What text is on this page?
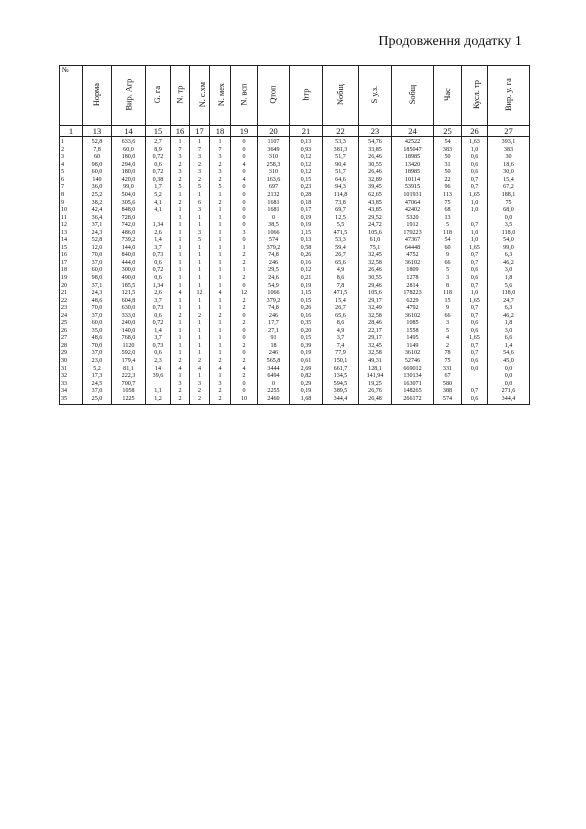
Продовження додатку 1
№	Норма	Вир. Агр	G. га	N. тр	N. с.хм	N. мех	N. всп	Qтоп	hтр	Nобщ	S у.з.	Sобщ	Час	Кусл. тр	Вир. у. га
1	13	14	15	16	17	18	19	20	21	22	23	24	25	26	27
1	52,8	633,6	2,7	1	1	1	0	1107	0,13	53,3	54,76	42522	54	1,63	393,1
2	7,8	60,0	8,9	7	7	7	0	3649	0,93	381,3	33,85	185047	383	1,0	383
3	60	180,0	0,72	3	3	3	0	310	0,12	51,7	26,46	18985	50	0,6	30
4	98,0	294,0	0,6	2	2	2	4	258,3	0,12	90,4	30,55	13420	31	0,6	18,6
5	60,0	180,0	0,72	3	3	3	0	310	0,12	51,7	26,46	18985	50	0,6	30,0
6	140	420,0	0,38	2	2	2	4	163,6	0,15	64,6	32,89	10114	22	0,7	15,4
7	36,0	99,0	1,7	5	5	5	0	697	0,23	94,3	39,45	53915	96	0,7	67,2
8	25,2	504,0	5,2	1	1	1	0	2132	0,28	114,8	62,65	101931	113	1,65	188,1
9	38,2	305,6	4,1	2	6	2	0	1681	0,18	73,8	43,85	47064	75	1,0	75
10	42,4	848,0	4,1	1	3	1	0	1681	0,17	69,7	43,85	42402	68	1,0	68,0
11	36,4	728,0		1	1	1	0	0	0,19	12,5	29,52	5320	13		0,0
12	37,1	742,0	1,34	1	1	1	0	38,5	0,19	5,5	24,72	1912	5	0,7	3,5
13	24,3	486,0	2,6	1	3	1	3	1066	1,15	471,5	105,6	179223	118	1,0	118,0
14	52,8	739,2	1,4	1	5	1	0	574	0,13	53,3	61,0	47367	54	1,0	54,0
15	12,0	144,0	3,7	1	1	1	1	379,2	0,58	59,4	75,1	64448	60	1,65	99,0
16	70,0	840,0	0,73	1	1	1	2	74,8	0,26	26,7	32,45	4752	9	0,7	6,3
17	37,0	444,0	0,6	1	1	1	2	246	0,16	65,6	32,58	36102	66	0,7	46,2
18	60,0	300,0	0,72	1	1	1	1	29,5	0,12	4,9	26,46	1809	5	0,6	3,0
19	98,0	490,0	0,6	1	1	1	2	24,6	0,21	8,6	30,55	1278	3	0,6	1,8
20	37,1	185,5	1,34	1	1	1	0	54,9	0,19	7,8	29,46	2814	8	0,7	5,6
21	24,3	121,5	2,6	4	12	4	12	1066	1,15	471,5	105,6	178223	118	1,0	118,0
22	48,6	604,8	3,7	1	1	1	2	379,2	0,15	15,4	29,17	6229	15	1,65	24,7
23	70,0	630,0	0,73	1	1	1	2	74,8	0,26	26,7	32,49	4792	9	0,7	6,3
24	37,0	333,0	0,6	2	2	2	0	246	0,16	65,6	32,58	36102	66	0,7	46,2
25	60,0	240,0	0,72	1	1	1	2	17,7	0,35	8,6	28,46	1085	3	0,6	1,8
26	35,0	140,0	1,4	1	1	1	0	27,1	0,20	4,9	22,17	1558	5	0,6	3,0
27	48,6	768,0	3,7	1	1	1	0	91	0,15	3,7	29,17	1495	4	1,65	6,6
28	70,0	1120	0,73	1	1	1	2	18	0,39	7,4	32,45	1149	2	0,7	1,4
29	37,0	592,0	0,6	1	1	1	0	246	0,19	77,9	32,58	36102	78	0,7	54,6
30	23,0	179,4	2,3	2	2	2	2	565,8	0,61	150,1	49,31	52746	75	0,6	45,0
31	5,2	81,1	14	4	4	4	4	3444	2,69	661,7	128,1	669012	331	0,0	0,0
32	17,3	222,3	39,6	1	1	1	2	6494	0,82	134,5	141,94	130134	67		0,0
33	24,5	700,7		3	3	3	0	0	0,29	594,5	19,25	163071	580		0,0
34	37,0	1058	1,1	2	2	2	0	2255	0,19	389,5	26,76	148265	388	0,7	271,6
35	25,0	1225	1,2	2	2	2	10	2460	1,68	344,4	26,48	266172	574	0,6	344,4
